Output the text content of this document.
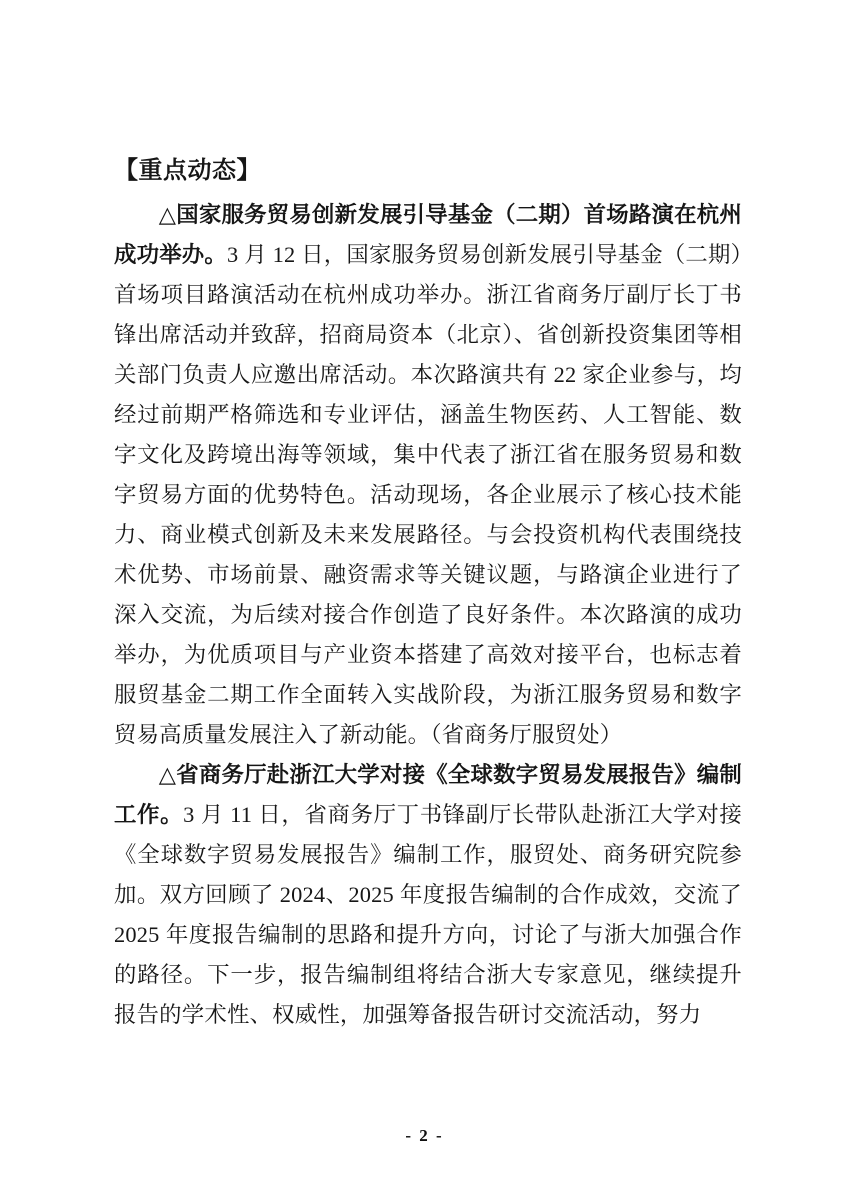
【重点动态】

△国家服务贸易创新发展引导基金（二期）首场路演在杭州成功举办。3 月 12 日，国家服务贸易创新发展引导基金（二期）首场项目路演活动在杭州成功举办。浙江省商务厅副厅长丁书锋出席活动并致辞，招商局资本（北京）、省创新投资集团等相关部门负责人应邀出席活动。本次路演共有 22 家企业参与，均经过前期严格筛选和专业评估，涵盖生物医药、人工智能、数字文化及跨境出海等领域，集中代表了浙江省在服务贸易和数字贸易方面的优势特色。活动现场，各企业展示了核心技术能力、商业模式创新及未来发展路径。与会投资机构代表围绕技术优势、市场前景、融资需求等关键议题，与路演企业进行了深入交流，为后续对接合作创造了良好条件。本次路演的成功举办，为优质项目与产业资本搭建了高效对接平台，也标志着服贸基金二期工作全面转入实战阶段，为浙江服务贸易和数字贸易高质量发展注入了新动能。（省商务厅服贸处）

△省商务厅赴浙江大学对接《全球数字贸易发展报告》编制工作。3 月 11 日，省商务厅丁书锋副厅长带队赴浙江大学对接《全球数字贸易发展报告》编制工作，服贸处、商务研究院参加。双方回顾了 2024、2025 年度报告编制的合作成效，交流了 2025 年度报告编制的思路和提升方向，讨论了与浙大加强合作的路径。下一步，报告编制组将结合浙大专家意见，继续提升报告的学术性、权威性，加强筹备报告研讨交流活动，努力

- 2 -
